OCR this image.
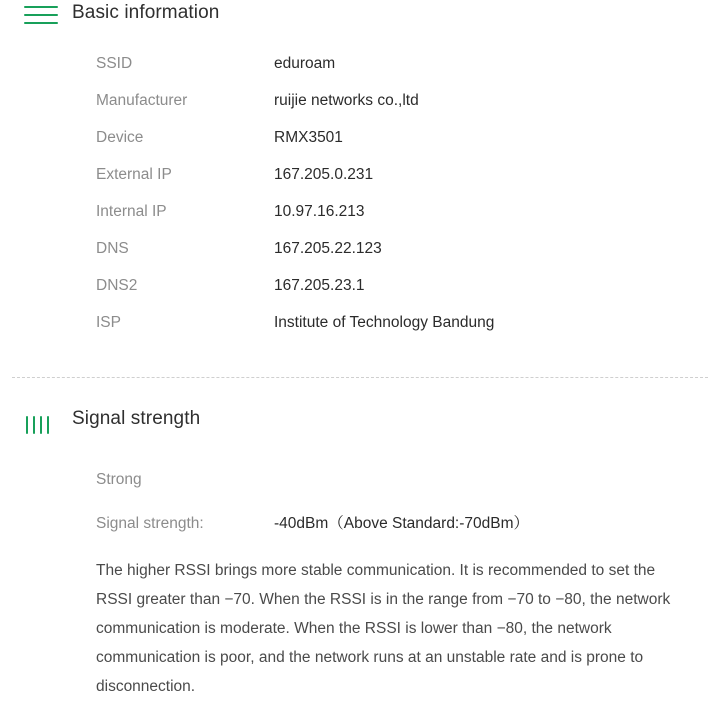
Basic information
SSID	eduroam
Manufacturer	ruijie networks co.,ltd
Device	RMX3501
External IP	167.205.0.231
Internal IP	10.97.16.213
DNS	167.205.22.123
DNS2	167.205.23.1
ISP	Institute of Technology Bandung
Signal strength
Strong
Signal strength:	-40dBm（Above Standard:-70dBm）
The higher RSSI brings more stable communication. It is recommended to set the RSSI greater than −70. When the RSSI is in the range from −70 to −80, the network communication is moderate. When the RSSI is lower than −80, the network communication is poor, and the network runs at an unstable rate and is prone to disconnection.
